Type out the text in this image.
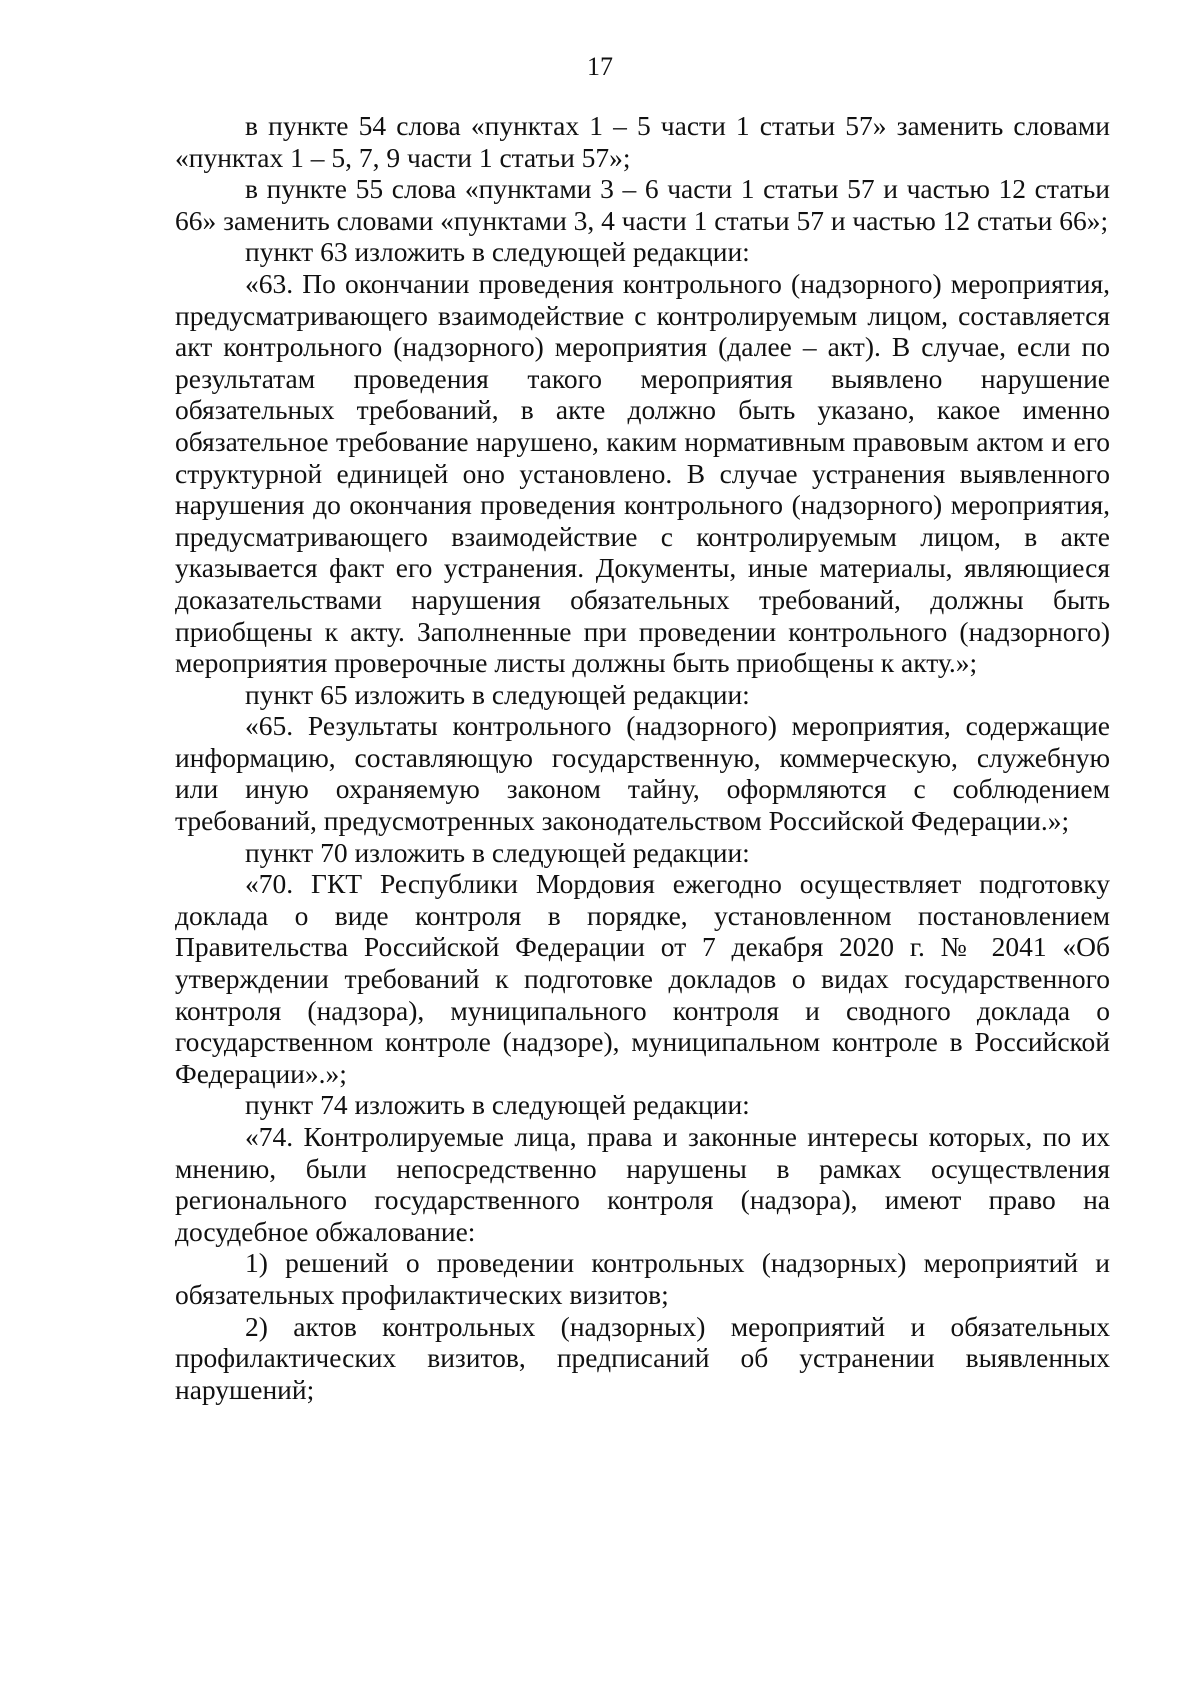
17

в пункте 54 слова «пунктах 1 – 5 части 1 статьи 57» заменить словами «пунктах 1 – 5, 7, 9 части 1 статьи 57»;

в пункте 55 слова «пунктами 3 – 6 части 1 статьи 57 и частью 12 статьи 66» заменить словами «пунктами 3, 4 части 1 статьи 57 и частью 12 статьи 66»;

пункт 63 изложить в следующей редакции:

«63. По окончании проведения контрольного (надзорного) мероприятия, предусматривающего взаимодействие с контролируемым лицом, составляется акт контрольного (надзорного) мероприятия (далее – акт). В случае, если по результатам проведения такого мероприятия выявлено нарушение обязательных требований, в акте должно быть указано, какое именно обязательное требование нарушено, каким нормативным правовым актом и его структурной единицей оно установлено. В случае устранения выявленного нарушения до окончания проведения контрольного (надзорного) мероприятия, предусматривающего взаимодействие с контролируемым лицом, в акте указывается факт его устранения. Документы, иные материалы, являющиеся доказательствами нарушения обязательных требований, должны быть приобщены к акту. Заполненные при проведении контрольного (надзорного) мероприятия проверочные листы должны быть приобщены к акту.»;

пункт 65 изложить в следующей редакции:

«65. Результаты контрольного (надзорного) мероприятия, содержащие информацию, составляющую государственную, коммерческую, служебную или иную охраняемую законом тайну, оформляются с соблюдением требований, предусмотренных законодательством Российской Федерации.»;

пункт 70 изложить в следующей редакции:

«70. ГКТ Республики Мордовия ежегодно осуществляет подготовку доклада о виде контроля в порядке, установленном постановлением Правительства Российской Федерации от 7 декабря 2020 г. № 2041 «Об утверждении требований к подготовке докладов о видах государственного контроля (надзора), муниципального контроля и сводного доклада о государственном контроле (надзоре), муниципальном контроле в Российской Федерации».»;

пункт 74 изложить в следующей редакции:

«74. Контролируемые лица, права и законные интересы которых, по их мнению, были непосредственно нарушены в рамках осуществления регионального государственного контроля (надзора), имеют право на досудебное обжалование:

1) решений о проведении контрольных (надзорных) мероприятий и обязательных профилактических визитов;

2) актов контрольных (надзорных) мероприятий и обязательных профилактических визитов, предписаний об устранении выявленных нарушений;
